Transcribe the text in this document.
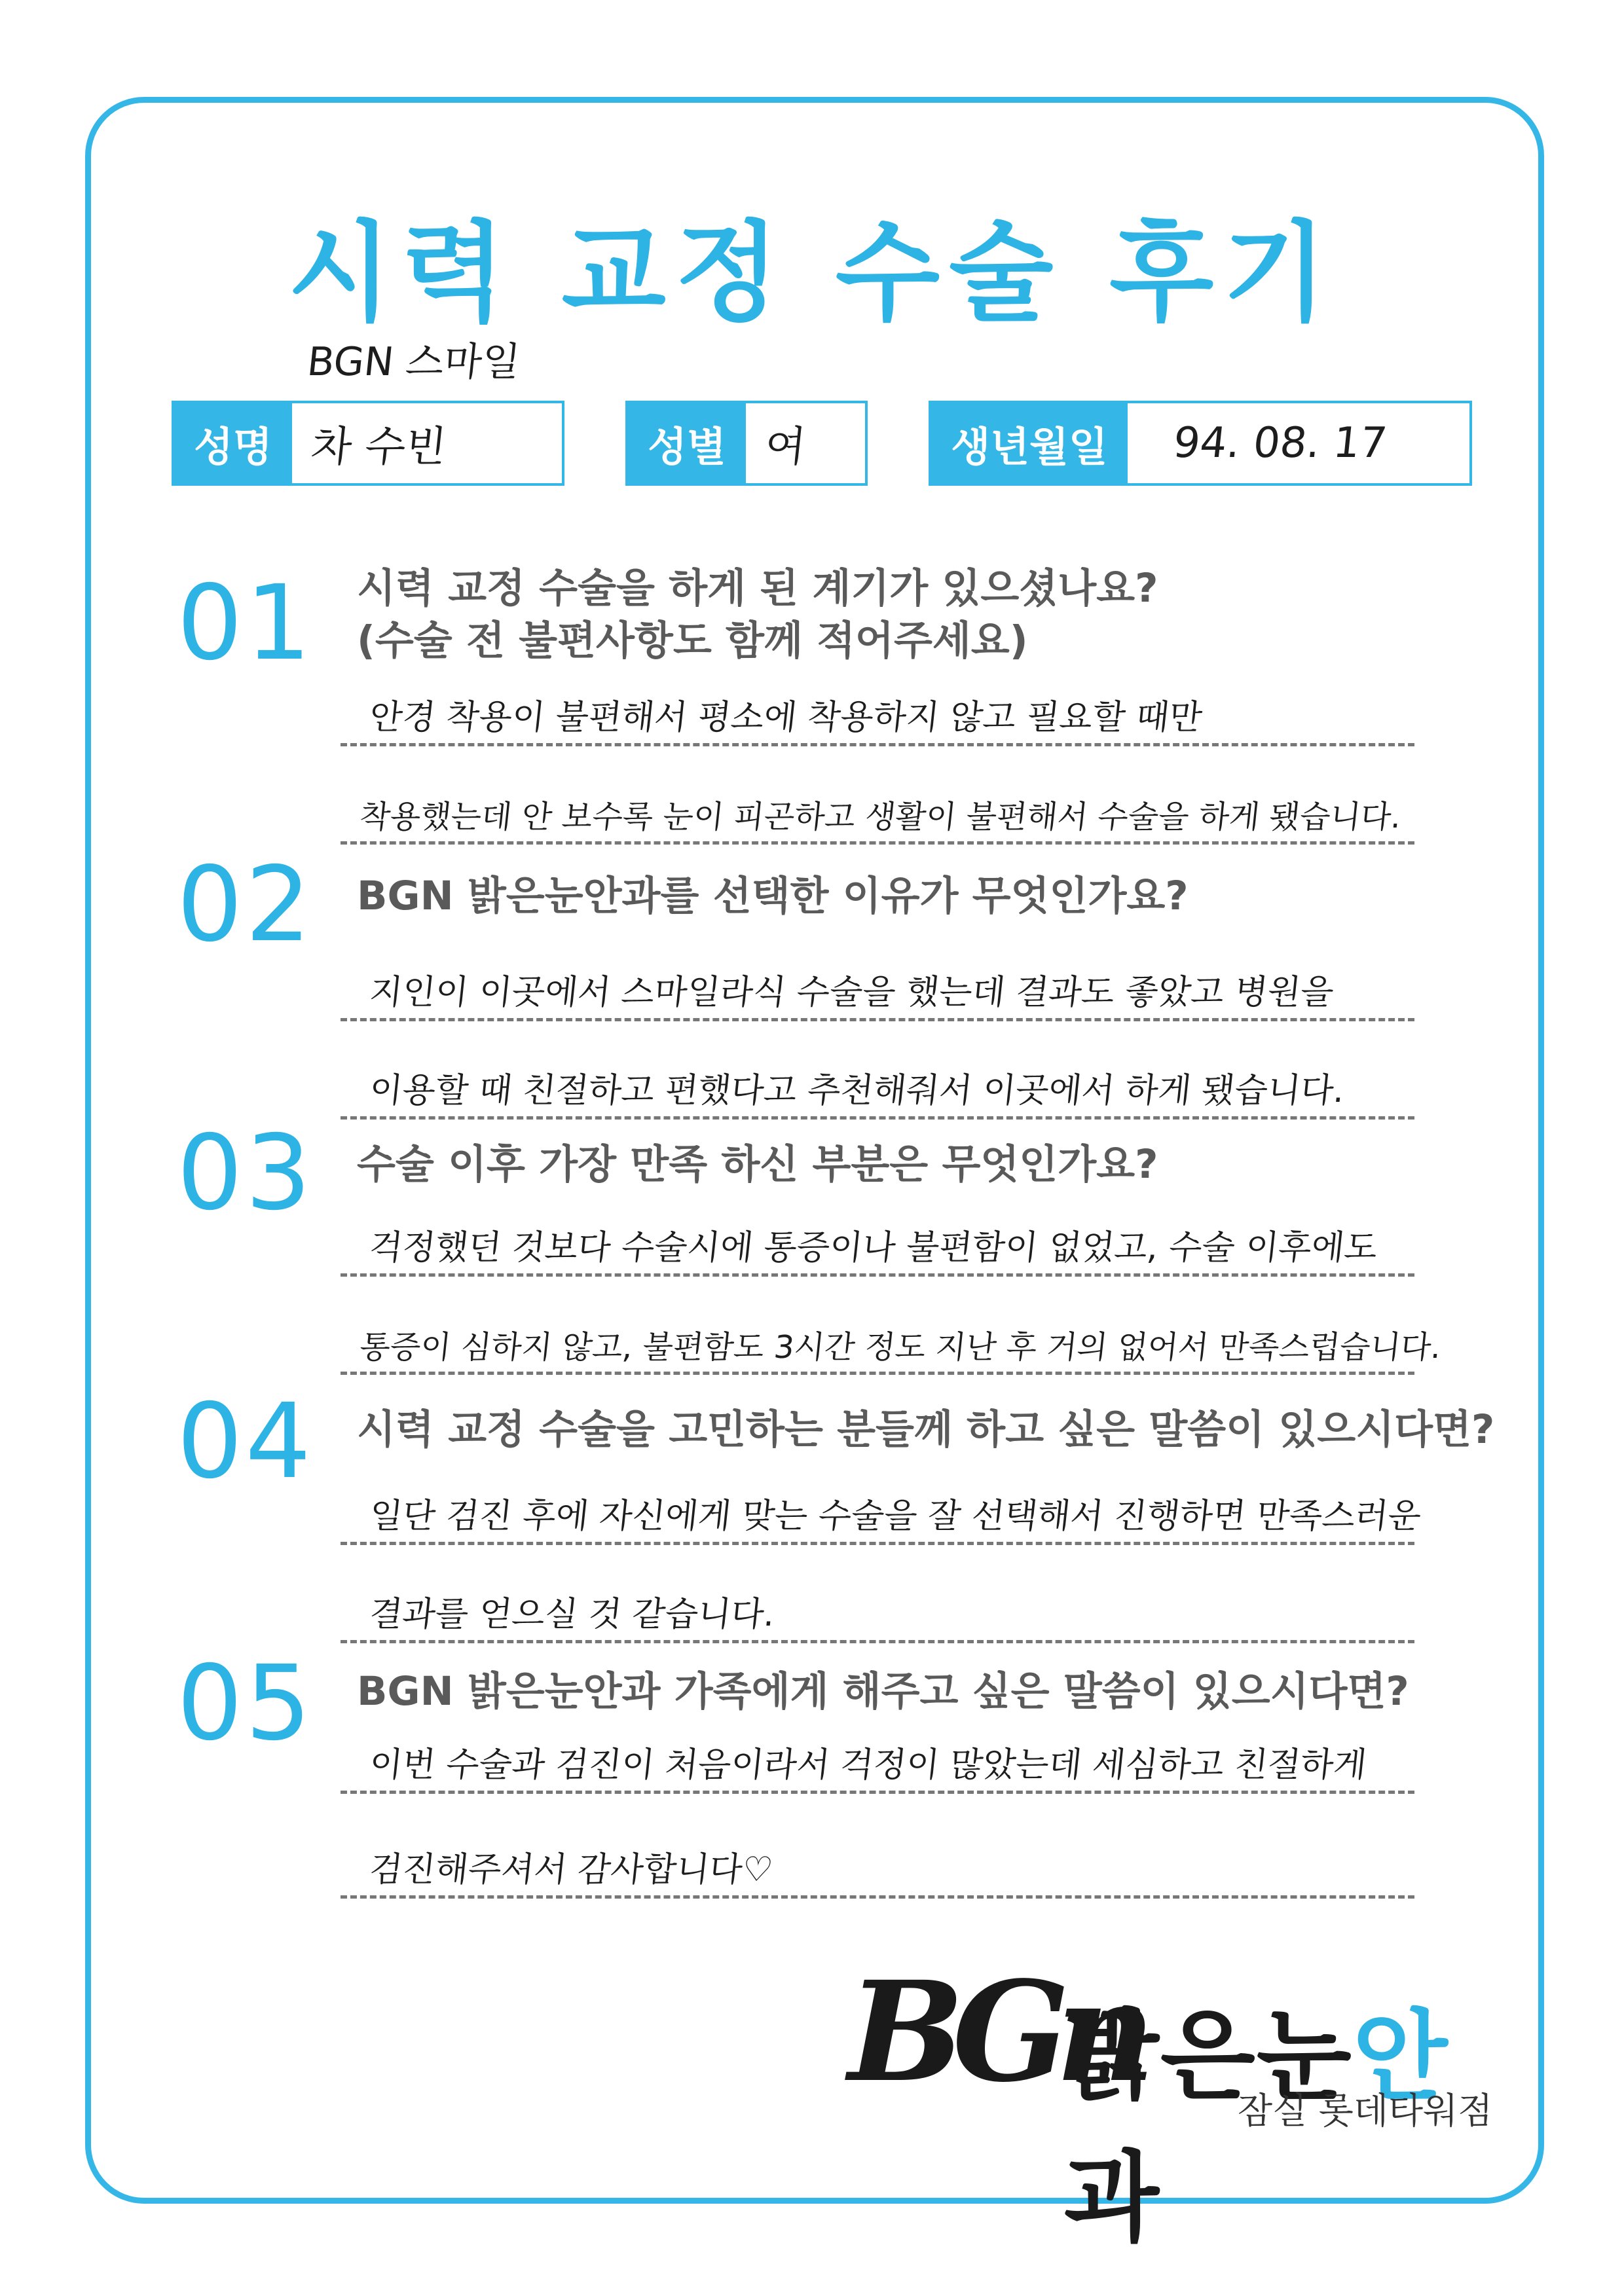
시력 교정 수술 후기
BGN 스마일
성명 차 수빈	성별 여	생년월일	94. 08. 17
01 시력 교정 수술을 하게 된 계기가 있으셨나요?
(수술 전 불편사항도 함께 적어주세요)
안경 착용이 불편해서 평소에 착용하지 않고 필요할 때만
착용했는데 안 보수록 눈이 피곤하고 생활이 불편해서 수술을 하게 됐습니다.
02 BGN 밝은눈안과를 선택한 이유가 무엇인가요?
지인이 이곳에서 스마일라식 수술을 했는데 결과도 좋았고 병원을
이용할 때 친절하고 편했다고 추천해줘서 이곳에서 하게 됐습니다.
03 수술 이후 가장 만족 하신 부분은 무엇인가요?
걱정했던 것보다 수술시에 통증이나 불편함이 없었고, 수술 이후에도
통증이 심하지 않고, 불편함도 3시간 정도 지난 후 거의 없어서 만족스럽습니다.
04 시력 교정 수술을 고민하는 분들께 하고 싶은 말씀이 있으시다면?
일단 검진 후에 자신에게 맞는 수술을 잘 선택해서 진행하면 만족스러운
결과를 얻으실 것 같습니다.
05 BGN 밝은눈안과 가족에게 해주고 싶은 말씀이 있으시다면?
이번 수술과 검진이 처음이라서 걱정이 많았는데 세심하고 친절하게
검진해주셔서 감사합니다♡
BGn
밝은눈안과
잠실 롯데타워점
